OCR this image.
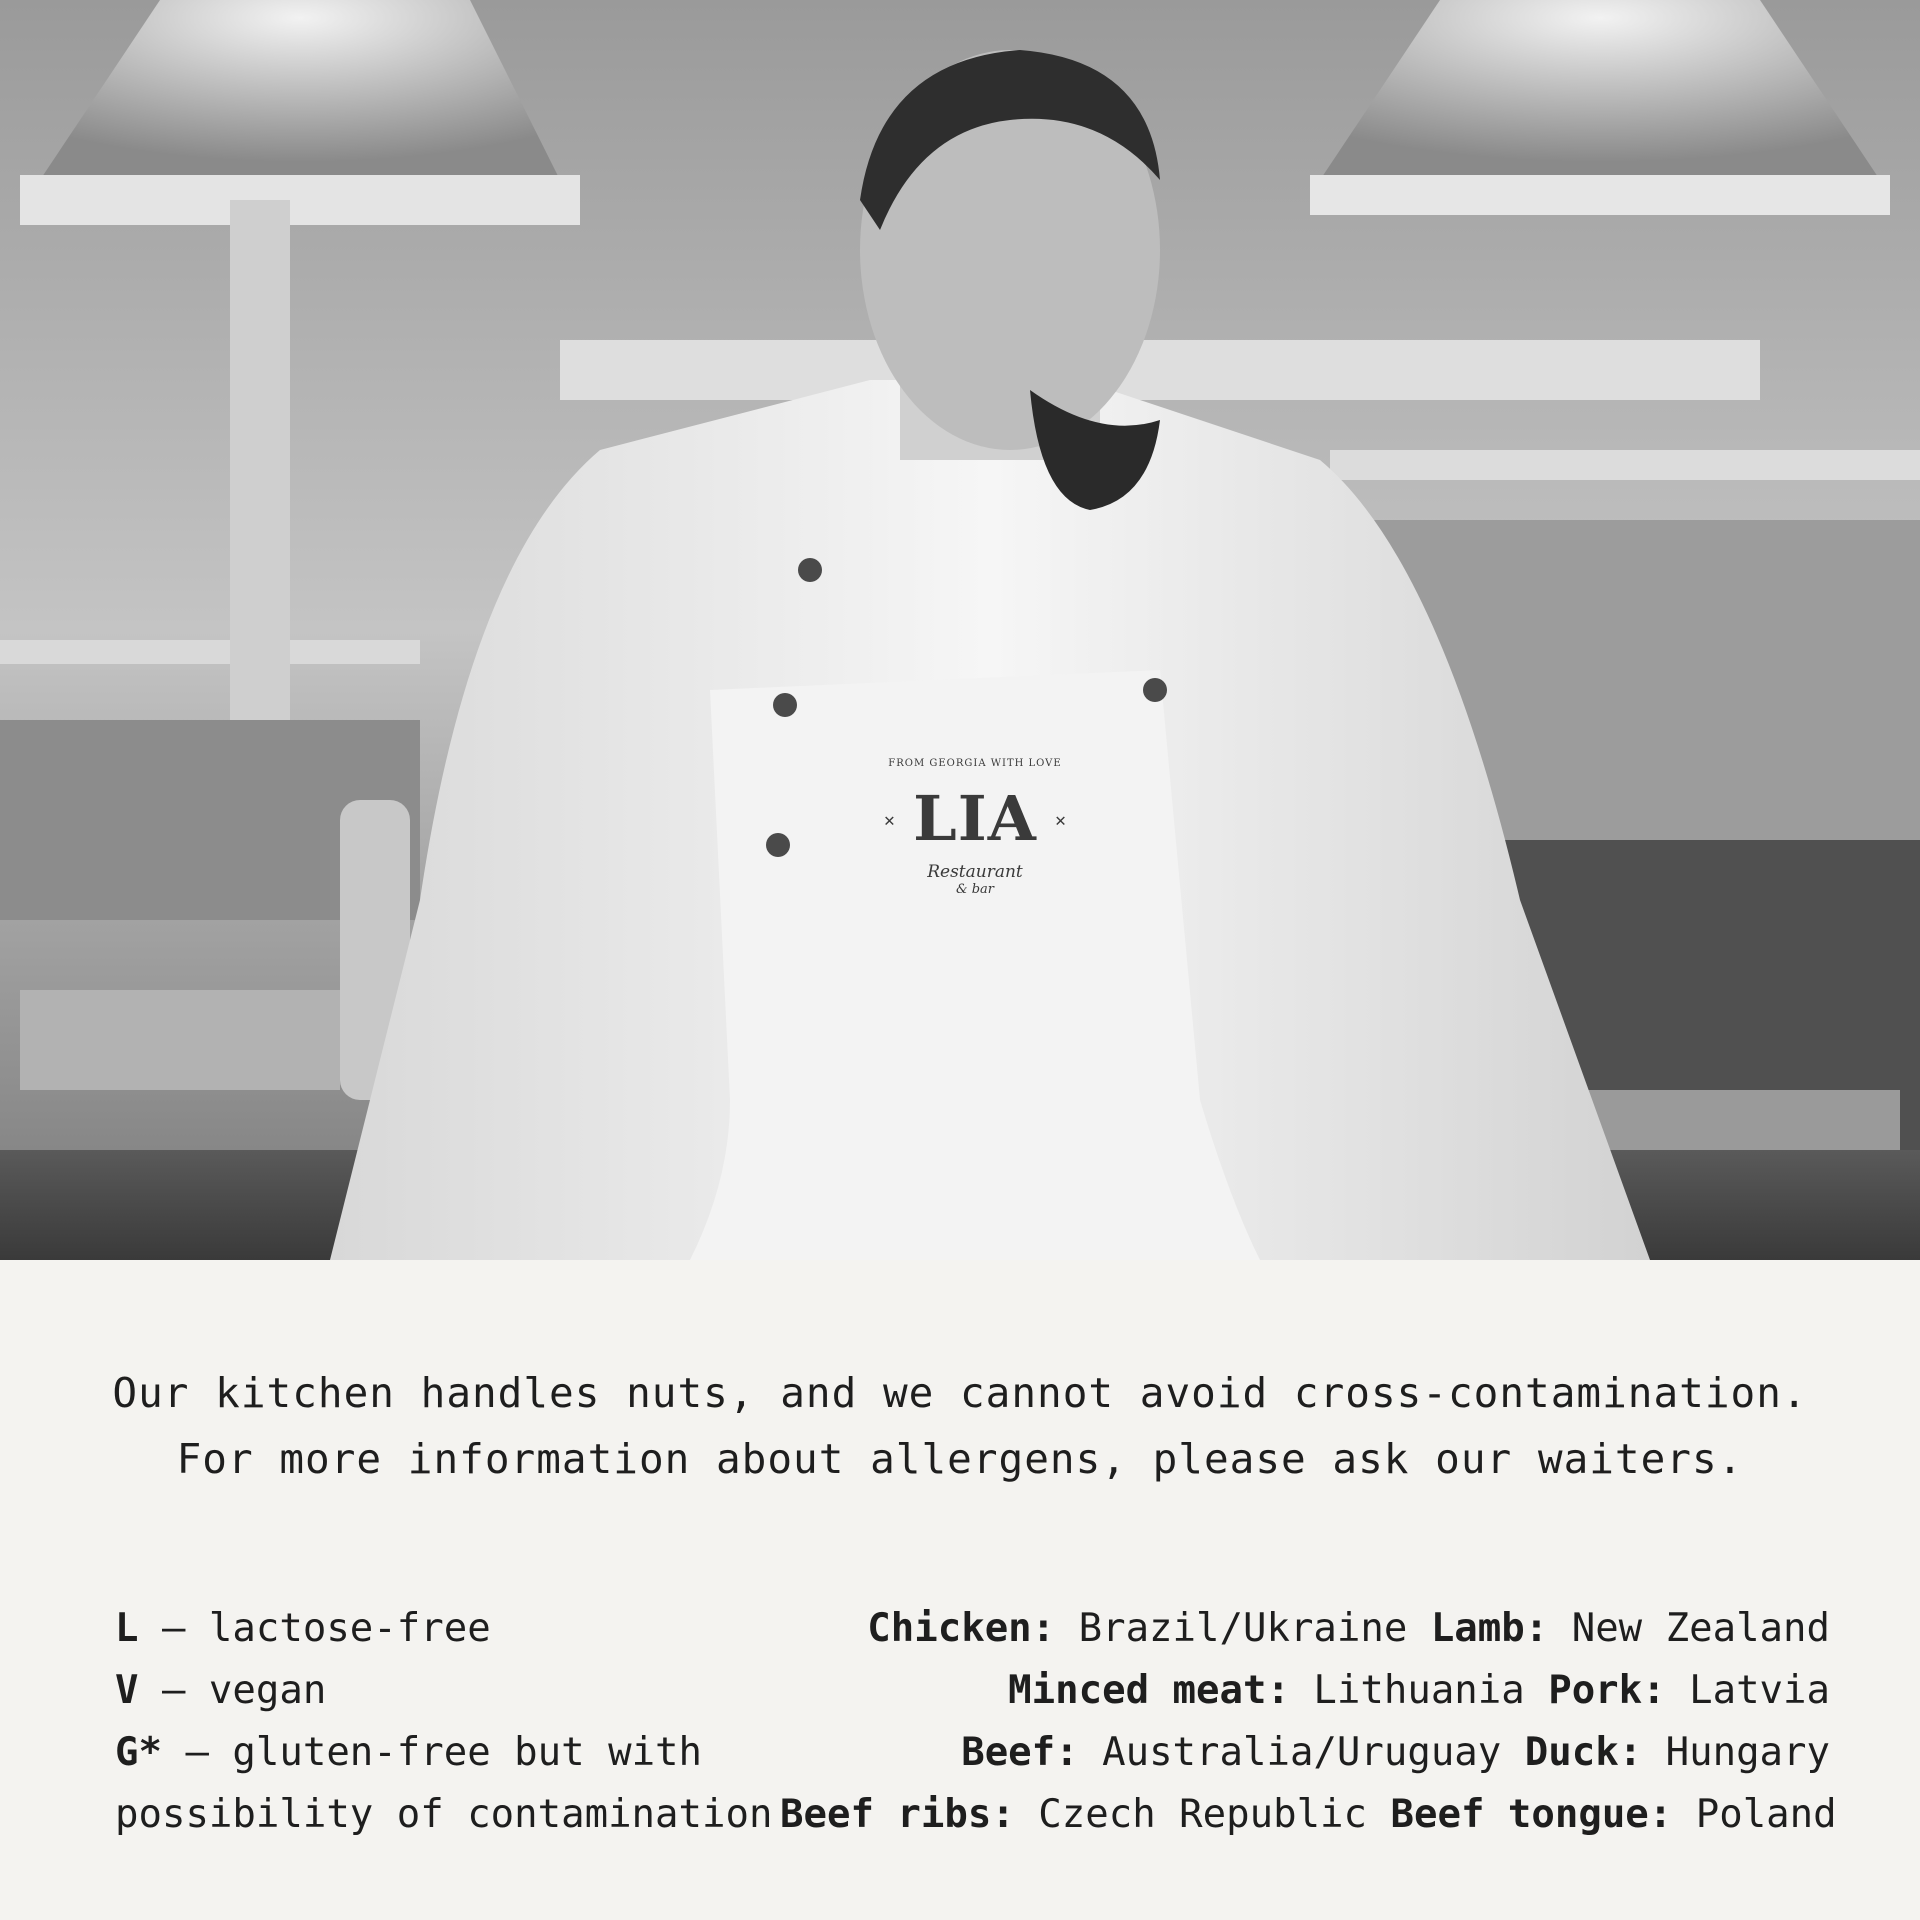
FROM GEORGIA WITH LOVE
✕ LIA	✕
Restaurant
& bar
Our kitchen handles nuts, and we cannot avoid cross-contamination.
For more information about allergens, please ask our waiters.
L – lactose-free
V – vegan
G* – gluten-free but with
possibility of contamination
Chicken: Brazil/Ukraine Lamb: New Zealand
Minced meat: Lithuania Pork: Latvia
Beef: Australia/Uruguay Duck: Hungary
Beef ribs: Czech Republic Beef tongue: Poland
